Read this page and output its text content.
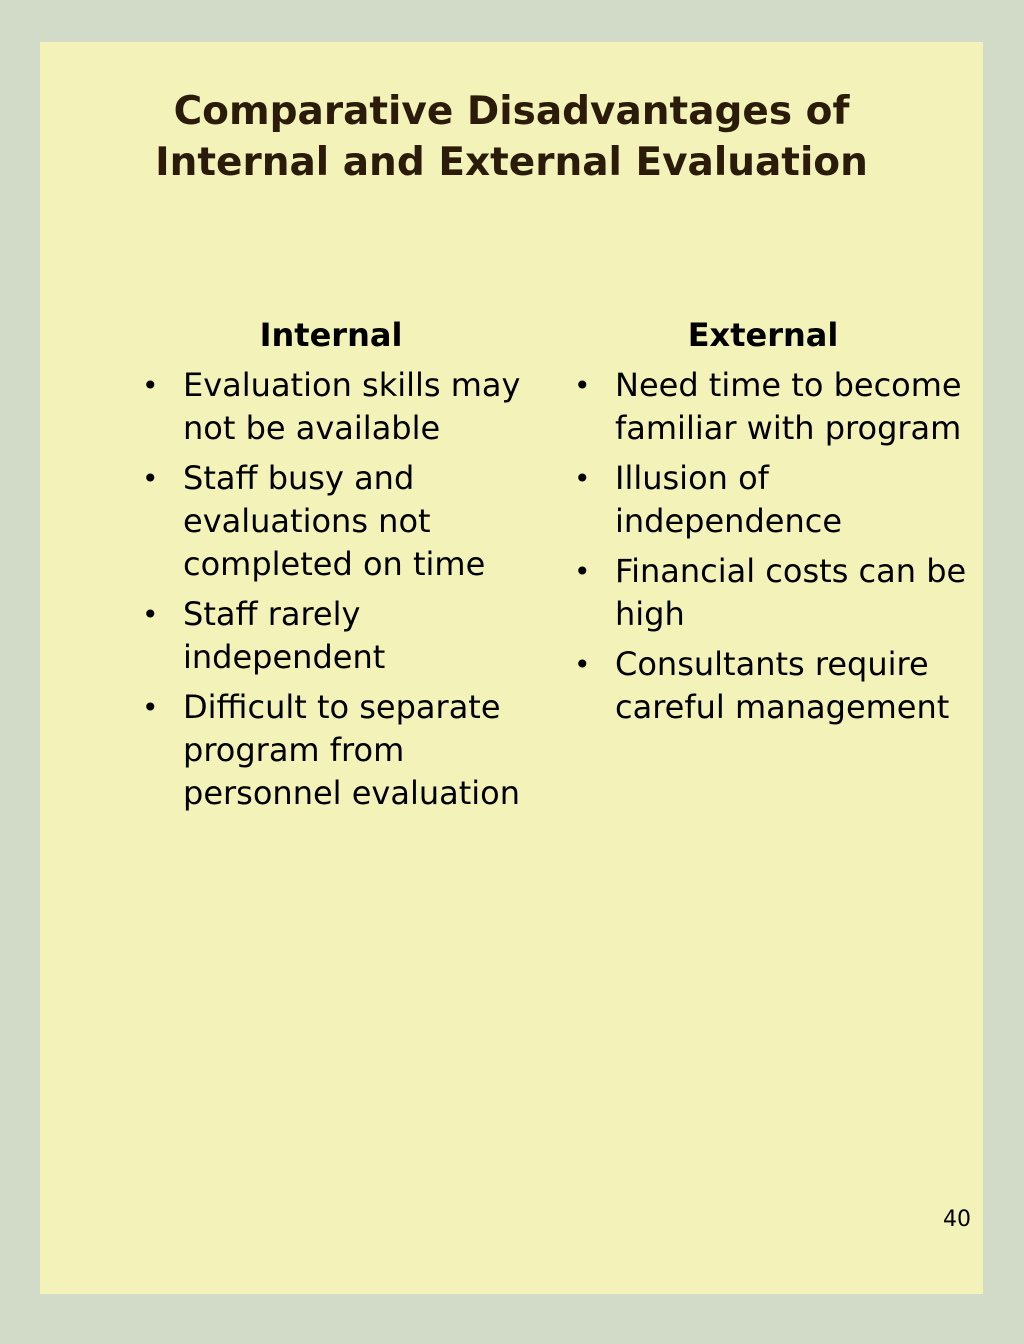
Comparative Disadvantages of
Internal and External Evaluation
Internal
• Evaluation skills may not be available
• Staff busy and evaluations not completed on time
• Staff rarely independent
• Difficult to separate program from personnel evaluation
External
• Need time to become familiar with program
• Illusion of independence
• Financial costs can be high
• Consultants require careful management
40
